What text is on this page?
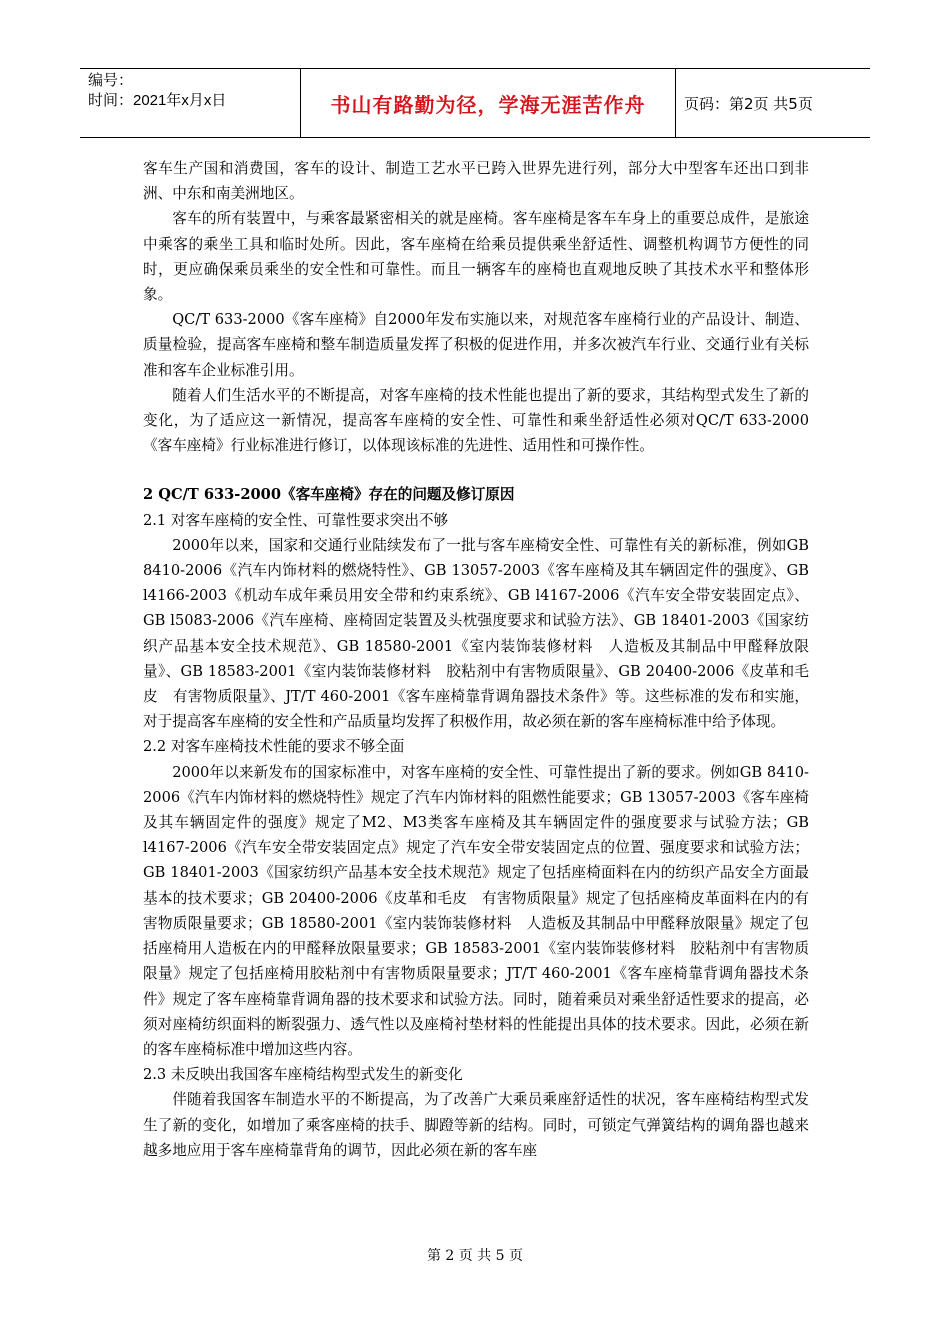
编号：
时间：2021年x月x日	书山有路勤为径，学海无涯苦作舟	页码：第2页 共5页

客车生产国和消费国，客车的设计、制造工艺水平已跨入世界先进行列，部分大中型客车还出口到非洲、中东和南美洲地区。

客车的所有装置中，与乘客最紧密相关的就是座椅。客车座椅是客车车身上的重要总成件，是旅途中乘客的乘坐工具和临时处所。因此，客车座椅在给乘员提供乘坐舒适性、调整机构调节方便性的同时，更应确保乘员乘坐的安全性和可靠性。而且一辆客车的座椅也直观地反映了其技术水平和整体形象。

QC/T 633-2000《客车座椅》自2000年发布实施以来，对规范客车座椅行业的产品设计、制造、质量检验，提高客车座椅和整车制造质量发挥了积极的促进作用，并多次被汽车行业、交通行业有关标准和客车企业标准引用。

随着人们生活水平的不断提高，对客车座椅的技术性能也提出了新的要求，其结构型式发生了新的变化，为了适应这一新情况，提高客车座椅的安全性、可靠性和乘坐舒适性必须对QC/T 633-2000《客车座椅》行业标准进行修订，以体现该标准的先进性、适用性和可操作性。

2 QC/T 633-2000《客车座椅》存在的问题及修订原因

2.1 对客车座椅的安全性、可靠性要求突出不够

2000年以来，国家和交通行业陆续发布了一批与客车座椅安全性、可靠性有关的新标准，例如GB 8410-2006《汽车内饰材料的燃烧特性》、GB 13057-2003《客车座椅及其车辆固定件的强度》、GB l4166-2003《机动车成年乘员用安全带和约束系统》、GB l4167-2006《汽车安全带安装固定点》、GB l5083-2006《汽车座椅、座椅固定装置及头枕强度要求和试验方法》、GB 18401-2003《国家纺织产品基本安全技术规范》、GB 18580-2001《室内装饰装修材料　人造板及其制品中甲醛释放限量》、GB 18583-2001《室内装饰装修材料　胶粘剂中有害物质限量》、GB 20400-2006《皮革和毛皮　有害物质限量》、JT/T 460-2001《客车座椅靠背调角器技术条件》等。这些标准的发布和实施，对于提高客车座椅的安全性和产品质量均发挥了积极作用，故必须在新的客车座椅标准中给予体现。

2.2 对客车座椅技术性能的要求不够全面

2000年以来新发布的国家标准中，对客车座椅的安全性、可靠性提出了新的要求。例如GB 8410-2006《汽车内饰材料的燃烧特性》规定了汽车内饰材料的阻燃性能要求；GB 13057-2003《客车座椅及其车辆固定件的强度》规定了M2、M3类客车座椅及其车辆固定件的强度要求与试验方法；GB l4167-2006《汽车安全带安装固定点》规定了汽车安全带安装固定点的位置、强度要求和试验方法；GB 18401-2003《国家纺织产品基本安全技术规范》规定了包括座椅面料在内的纺织产品安全方面最基本的技术要求；GB 20400-2006《皮革和毛皮　有害物质限量》规定了包括座椅皮革面料在内的有害物质限量要求；GB 18580-2001《室内装饰装修材料　人造板及其制品中甲醛释放限量》规定了包括座椅用人造板在内的甲醛释放限量要求；GB 18583-2001《室内装饰装修材料　胶粘剂中有害物质限量》规定了包括座椅用胶粘剂中有害物质限量要求；JT/T 460-2001《客车座椅靠背调角器技术条件》规定了客车座椅靠背调角器的技术要求和试验方法。同时，随着乘员对乘坐舒适性要求的提高，必须对座椅纺织面料的断裂强力、透气性以及座椅衬垫材料的性能提出具体的技术要求。因此，必须在新的客车座椅标准中增加这些内容。

2.3 未反映出我国客车座椅结构型式发生的新变化

伴随着我国客车制造水平的不断提高，为了改善广大乘员乘座舒适性的状况，客车座椅结构型式发生了新的变化，如增加了乘客座椅的扶手、脚蹬等新的结构。同时，可锁定气弹簧结构的调角器也越来越多地应用于客车座椅靠背角的调节，因此必须在新的客车座

第 2 页 共 5 页
